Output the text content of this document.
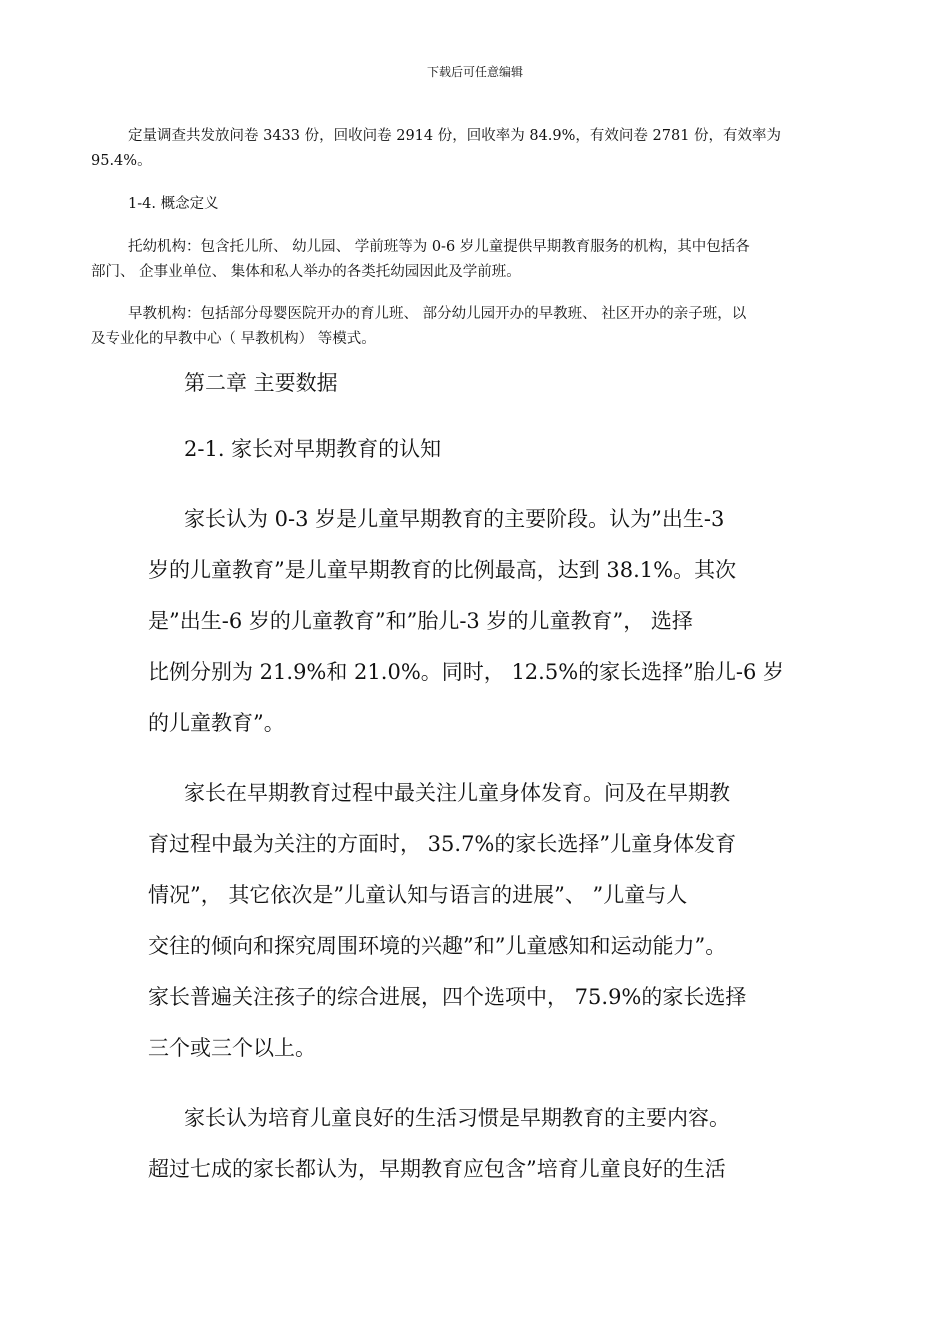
下载后可任意编辑

定量调查共发放问卷 3433 份，回收问卷 2914 份，回收率为 84.9%，有效问卷 2781 份，有效率为

95.4%。

1-4. 概念定义

托幼机构：包含托儿所、 幼儿园、 学前班等为 0-6 岁儿童提供早期教育服务的机构，其中包括各

部门、 企事业单位、 集体和私人举办的各类托幼园因此及学前班。

早教机构：包括部分母婴医院开办的育儿班、 部分幼儿园开办的早教班、 社区开办的亲子班，以

及专业化的早教中心（ 早教机构） 等模式。

第二章 主要数据

2-1. 家长对早期教育的认知

家长认为 0-3 岁是儿童早期教育的主要阶段。认为”出生-3

岁的儿童教育”是儿童早期教育的比例最高，达到 38.1%。其次

是”出生-6 岁的儿童教育”和”胎儿-3 岁的儿童教育”， 选择

比例分别为 21.9%和 21.0%。同时， 12.5%的家长选择”胎儿-6 岁

的儿童教育”。

家长在早期教育过程中最关注儿童身体发育。问及在早期教

育过程中最为关注的方面时， 35.7%的家长选择”儿童身体发育

情况”， 其它依次是”儿童认知与语言的进展”、 ”儿童与人

交往的倾向和探究周围环境的兴趣”和”儿童感知和运动能力”。

家长普遍关注孩子的综合进展，四个选项中， 75.9%的家长选择

三个或三个以上。

家长认为培育儿童良好的生活习惯是早期教育的主要内容。

超过七成的家长都认为，早期教育应包含”培育儿童良好的生活
